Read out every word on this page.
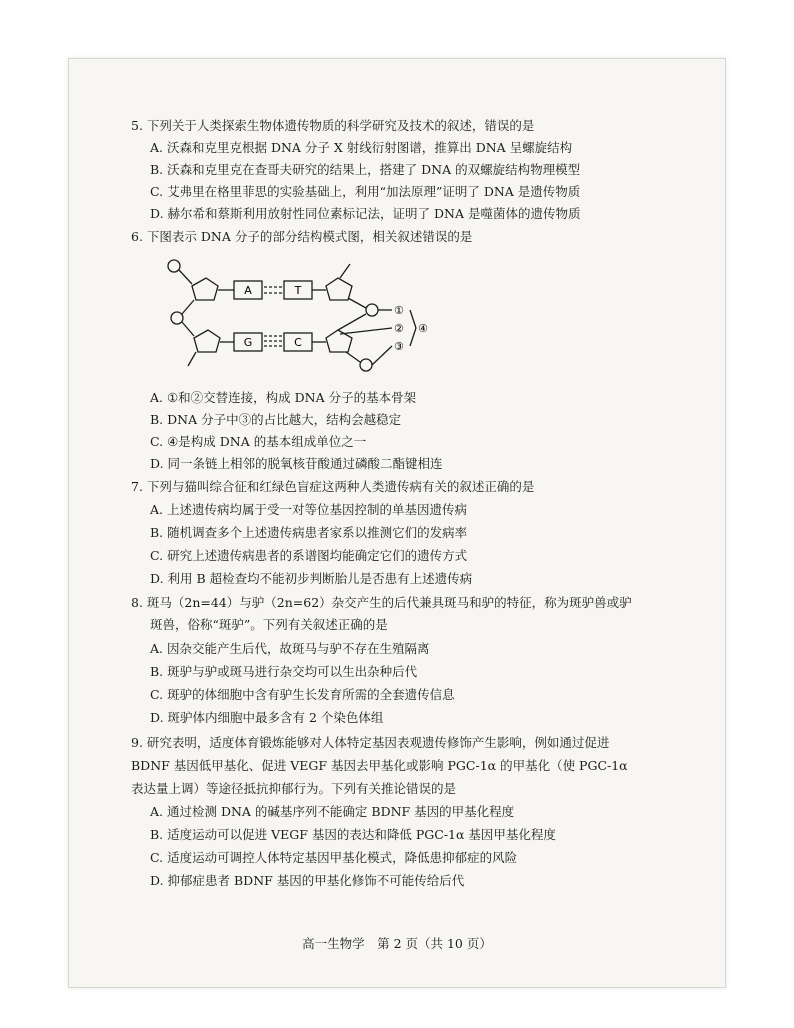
5. 下列关于人类探索生物体遗传物质的科学研究及技术的叙述，错误的是
A. 沃森和克里克根据 DNA 分子 X 射线衍射图谱，推算出 DNA 呈螺旋结构
B. 沃森和克里克在查哥夫研究的结果上，搭建了 DNA 的双螺旋结构物理模型
C. 艾弗里在格里菲思的实验基础上，利用“加法原理”证明了 DNA 是遗传物质
D. 赫尔希和蔡斯利用放射性同位素标记法，证明了 DNA 是噬菌体的遗传物质
6. 下图表示 DNA 分子的部分结构模式图，相关叙述错误的是
A	T
G	C
①
②
③
④
A. ①和②交替连接，构成 DNA 分子的基本骨架
B. DNA 分子中③的占比越大，结构会越稳定
C. ④是构成 DNA 的基本组成单位之一
D. 同一条链上相邻的脱氧核苷酸通过磷酸二酯键相连
7. 下列与猫叫综合征和红绿色盲症这两种人类遗传病有关的叙述正确的是
A. 上述遗传病均属于受一对等位基因控制的单基因遗传病
B. 随机调查多个上述遗传病患者家系以推测它们的发病率
C. 研究上述遗传病患者的系谱图均能确定它们的遗传方式
D. 利用 B 超检查均不能初步判断胎儿是否患有上述遗传病
8. 斑马（2n=44）与驴（2n=62）杂交产生的后代兼具斑马和驴的特征，称为斑驴兽或驴
斑兽，俗称“斑驴”。下列有关叙述正确的是
A. 因杂交能产生后代，故斑马与驴不存在生殖隔离
B. 斑驴与驴或斑马进行杂交均可以生出杂种后代
C. 斑驴的体细胞中含有驴生长发育所需的全套遗传信息
D. 斑驴体内细胞中最多含有 2 个染色体组
9. 研究表明，适度体育锻炼能够对人体特定基因表观遗传修饰产生影响，例如通过促进
BDNF 基因低甲基化、促进 VEGF 基因去甲基化或影响 PGC-1α 的甲基化（使 PGC-1α
表达量上调）等途径抵抗抑郁行为。下列有关推论错误的是
A. 通过检测 DNA 的碱基序列不能确定 BDNF 基因的甲基化程度
B. 适度运动可以促进 VEGF 基因的表达和降低 PGC-1α 基因甲基化程度
C. 适度运动可调控人体特定基因甲基化模式，降低患抑郁症的风险
D. 抑郁症患者 BDNF 基因的甲基化修饰不可能传给后代
高一生物学　第 2 页（共 10 页）
